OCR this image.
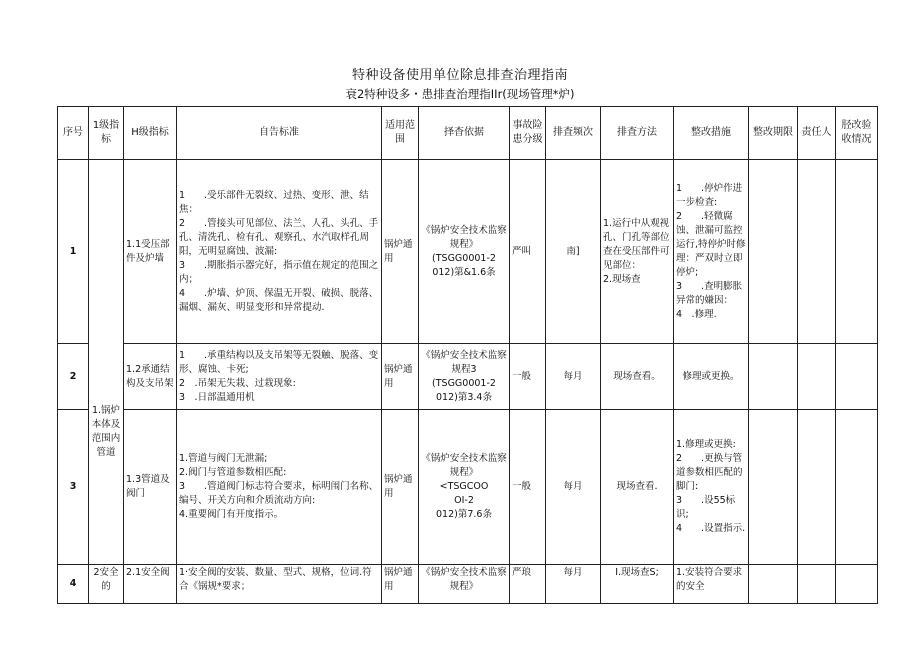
特种设备使用单位除息排查治理指南
衰2特种设多・患排査治理指IIr(现场管理*炉)
序号	1级指标	H级指标	自告标准	适用范围	择杳依据	事故险患分级	排査频次	排査方法	整改措施	整改期限	责任人	胫改验收情况
1	1.锅炉本体及范围内管道	1.1受压部件及炉墙	1　　.受乐部件无裂纹、过热、变形、泄、结焦：
2　　.管接头可见部位、法兰、人孔、头孔、手孔、清洗孔、检有孔、观察孔、水汽取样孔周阳，无明显腐蚀、波漏:
3　　.期胀指示器完好，指示值在规定的范围之内；
4　　.炉墙、炉顶、保温无开裂、破损、脱落、漏烟、漏灰、明显变形和异常提动.	锅炉通用	《锅炉安全技术监察规程》
(TSGG0001-2
012)第&1.6条	严叫	南]	1.运行中从观视孔、门孔等部位查在受压部件可见部位：
2.现场查	1　　.停炉作进一步检査:
2　　.轻微腐蚀、泄漏可监控运行,特停炉时修理：严双时立即停炉;
3　　.査明膨胀异常的嫌因：
4　.修理.			

2		1.2承通结构及支吊架	1　　.承重结构以及支吊架等无裂触、脱落、变形、腐蚀、卡死;
2　.吊架无失栽、过栽现象:
3　.日部温通用机	锅炉通用	《锅炉安全技术监察规程3
(TSGG0001-2
012)第3.4条	一般	每月	现场查看。	修理或更换。			

3		1.3管道及阀门	1.管道与阀门无泄漏;
2.阀门与管道参数相匹配:
3　　.管道阀门标志符合要求，标明闱门名称、编号、开关方向和介质流动方向:
4.重要阀门有开度指示。	锅炉通用	《锅炉安全技术监察规程》
<TSGCOO
OI-2
012)第7.6条	一般	每月	现场查看.	1.修理或更换:
2　　.更换与管道参数相匹配的脚门:
3　　.设55标识;
4　　.设置指示.			

4	2安全的	2.1安全阀	1·安全阀的安装、数量、型式、规格，位词.符合《锅规*要求；	锅炉通用	《锅炉安全技术监察规程》	严琅	每月	I.现场查S;	1.安装符合要求的安全			
